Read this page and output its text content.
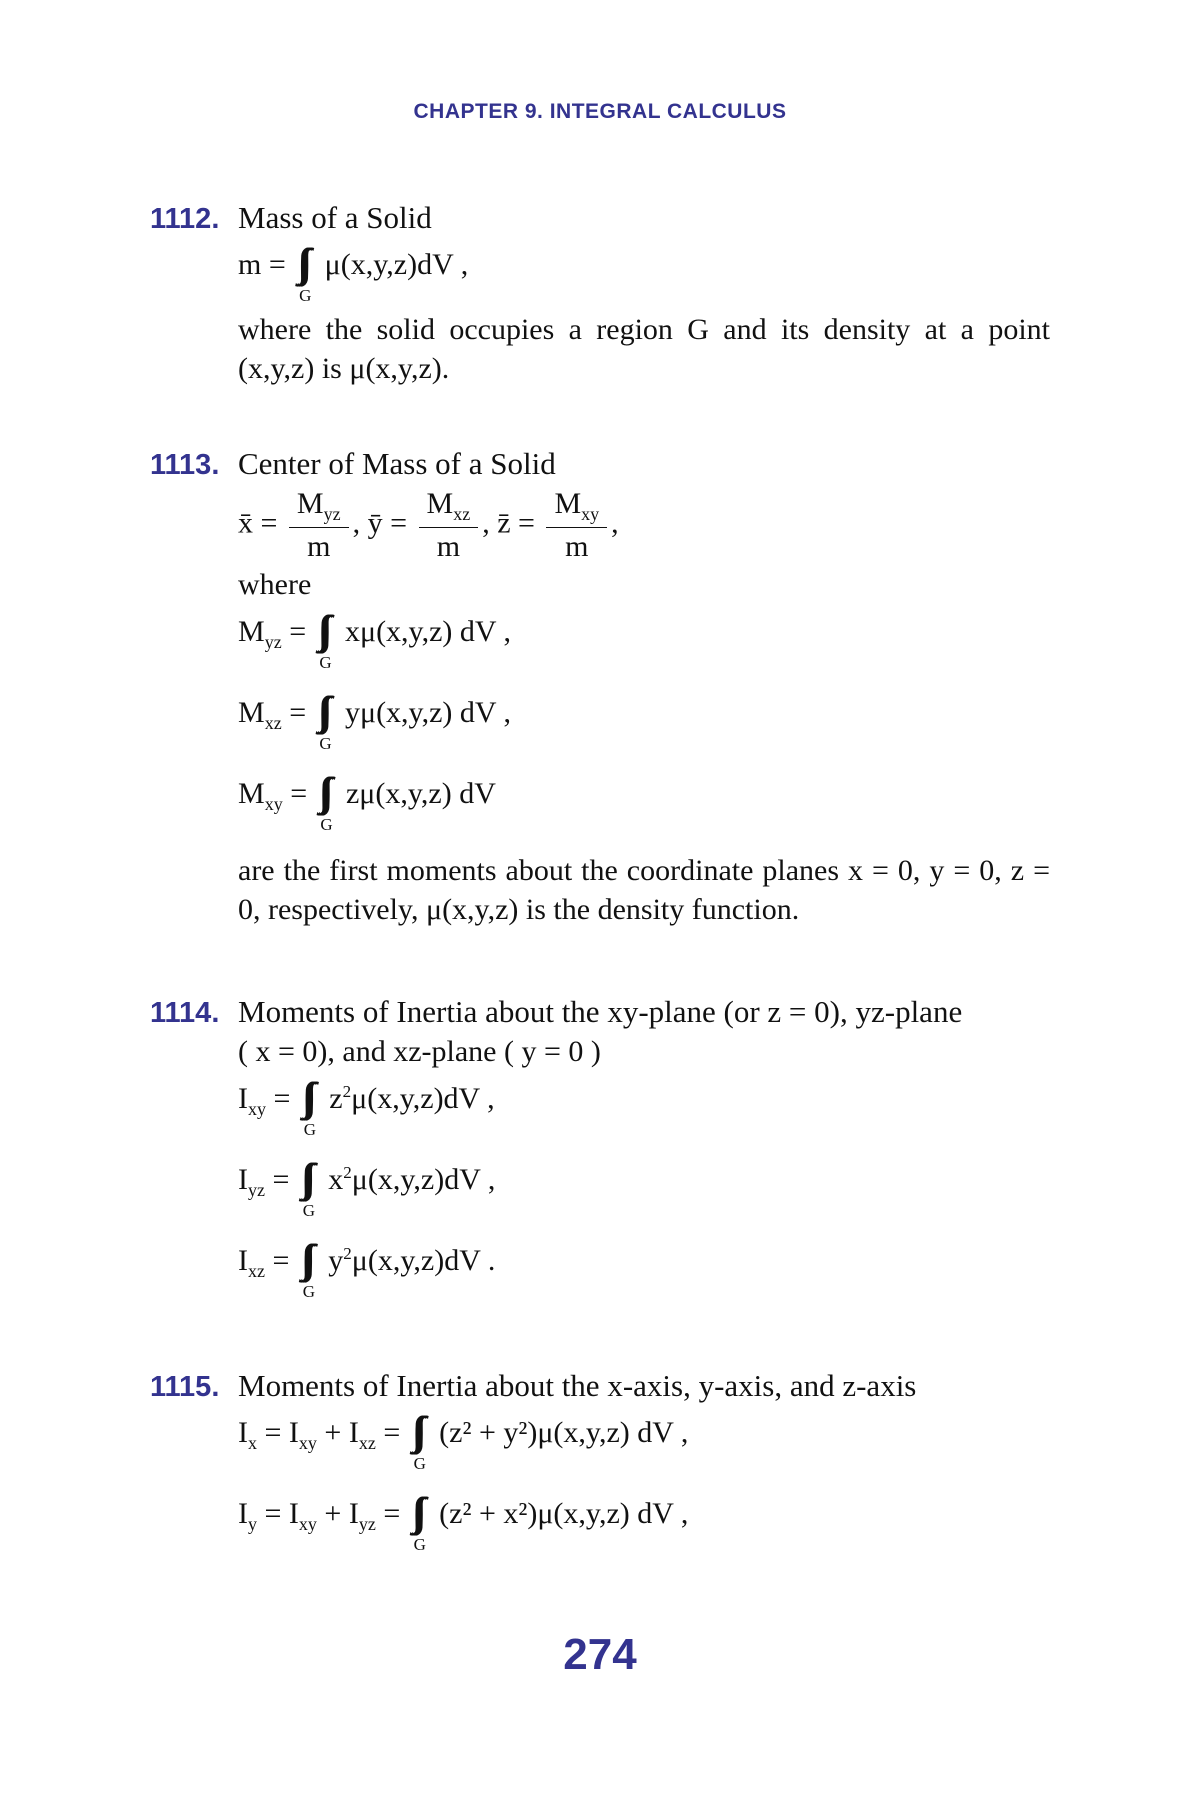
CHAPTER 9. INTEGRAL CALCULUS
1112. Mass of a Solid
m = ∫∫∫
G
μ(x,y,z)dV ,
where the solid occupies a region G and its density at a point (x,y,z) is μ(x,y,z).
1113. Center of Mass of a Solid
x̄ = $\frac{M_{yz}}{m}$ , ȳ = $\frac{M_{xz}}{m}$ , z̄ = $\frac{M_{xy}}{m}$ ,
where
$M_{yz}$ = ∫∫∫
G
xμ(x,y,z) dV ,
$M_{xz}$ = ∫∫∫
G
yμ(x,y,z) dV ,
$M_{xy}$ = ∫∫∫
G
zμ(x,y,z) dV
are the first moments about the coordinate planes x = 0, y = 0, z = 0, respectively, μ(x,y,z) is the density function.
1114. Moments of Inertia about the xy-plane (or z = 0), yz-plane
( x = 0), and xz-plane ( y = 0 )
$I_{xy}$ = ∫∫∫
G
$z^2\mu(x,y,z)dV$ ,
$I_{yz}$ = ∫∫∫
G
$x^2\mu(x,y,z)dV$ ,
$I_{xz}$ = ∫∫∫
G
$y^2\mu(x,y,z)dV$ .
1115. Moments of Inertia about the x-axis, y-axis, and z-axis
$I_x = I_{xy} + I_{xz}$ = ∫∫∫
G
(z² + y²)μ(x,y,z) dV ,
$I_y = I_{xy} + I_{yz}$ = ∫∫∫
G
(z² + x²)μ(x,y,z) dV ,
274
